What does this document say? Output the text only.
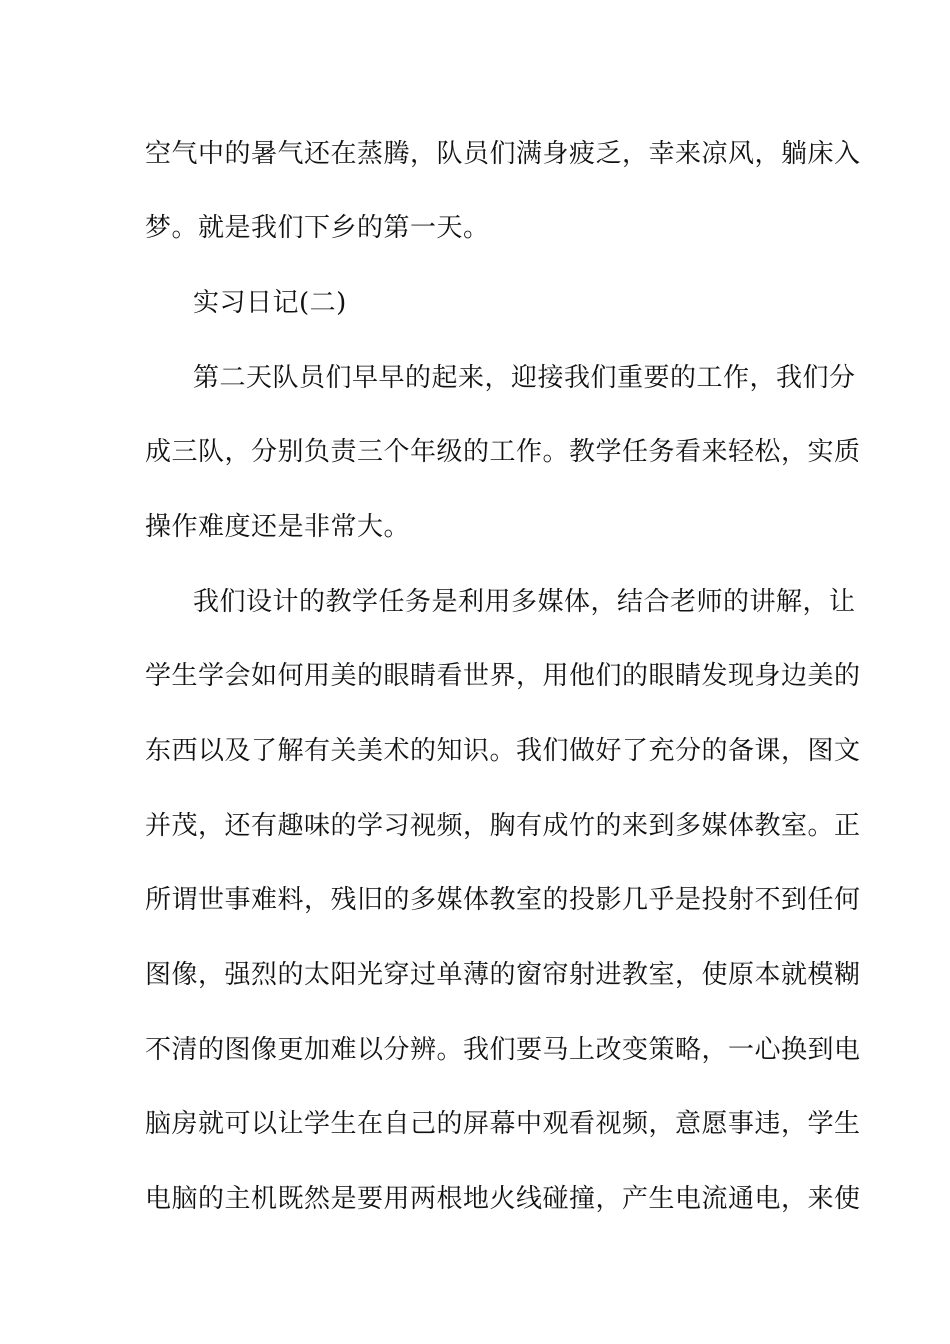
空气中的暑气还在蒸腾，队员们满身疲乏，幸来凉风，躺床入
梦。就是我们下乡的第一天。
实习日记(二)
第二天队员们早早的起来，迎接我们重要的工作，我们分
成三队，分别负责三个年级的工作。教学任务看来轻松，实质
操作难度还是非常大。
我们设计的教学任务是利用多媒体，结合老师的讲解，让
学生学会如何用美的眼睛看世界，用他们的眼睛发现身边美的
东西以及了解有关美术的知识。我们做好了充分的备课，图文
并茂，还有趣味的学习视频，胸有成竹的来到多媒体教室。正
所谓世事难料，残旧的多媒体教室的投影几乎是投射不到任何
图像，强烈的太阳光穿过单薄的窗帘射进教室，使原本就模糊
不清的图像更加难以分辨。我们要马上改变策略，一心换到电
脑房就可以让学生在自己的屏幕中观看视频，意愿事违，学生
电脑的主机既然是要用两根地火线碰撞，产生电流通电，来使
